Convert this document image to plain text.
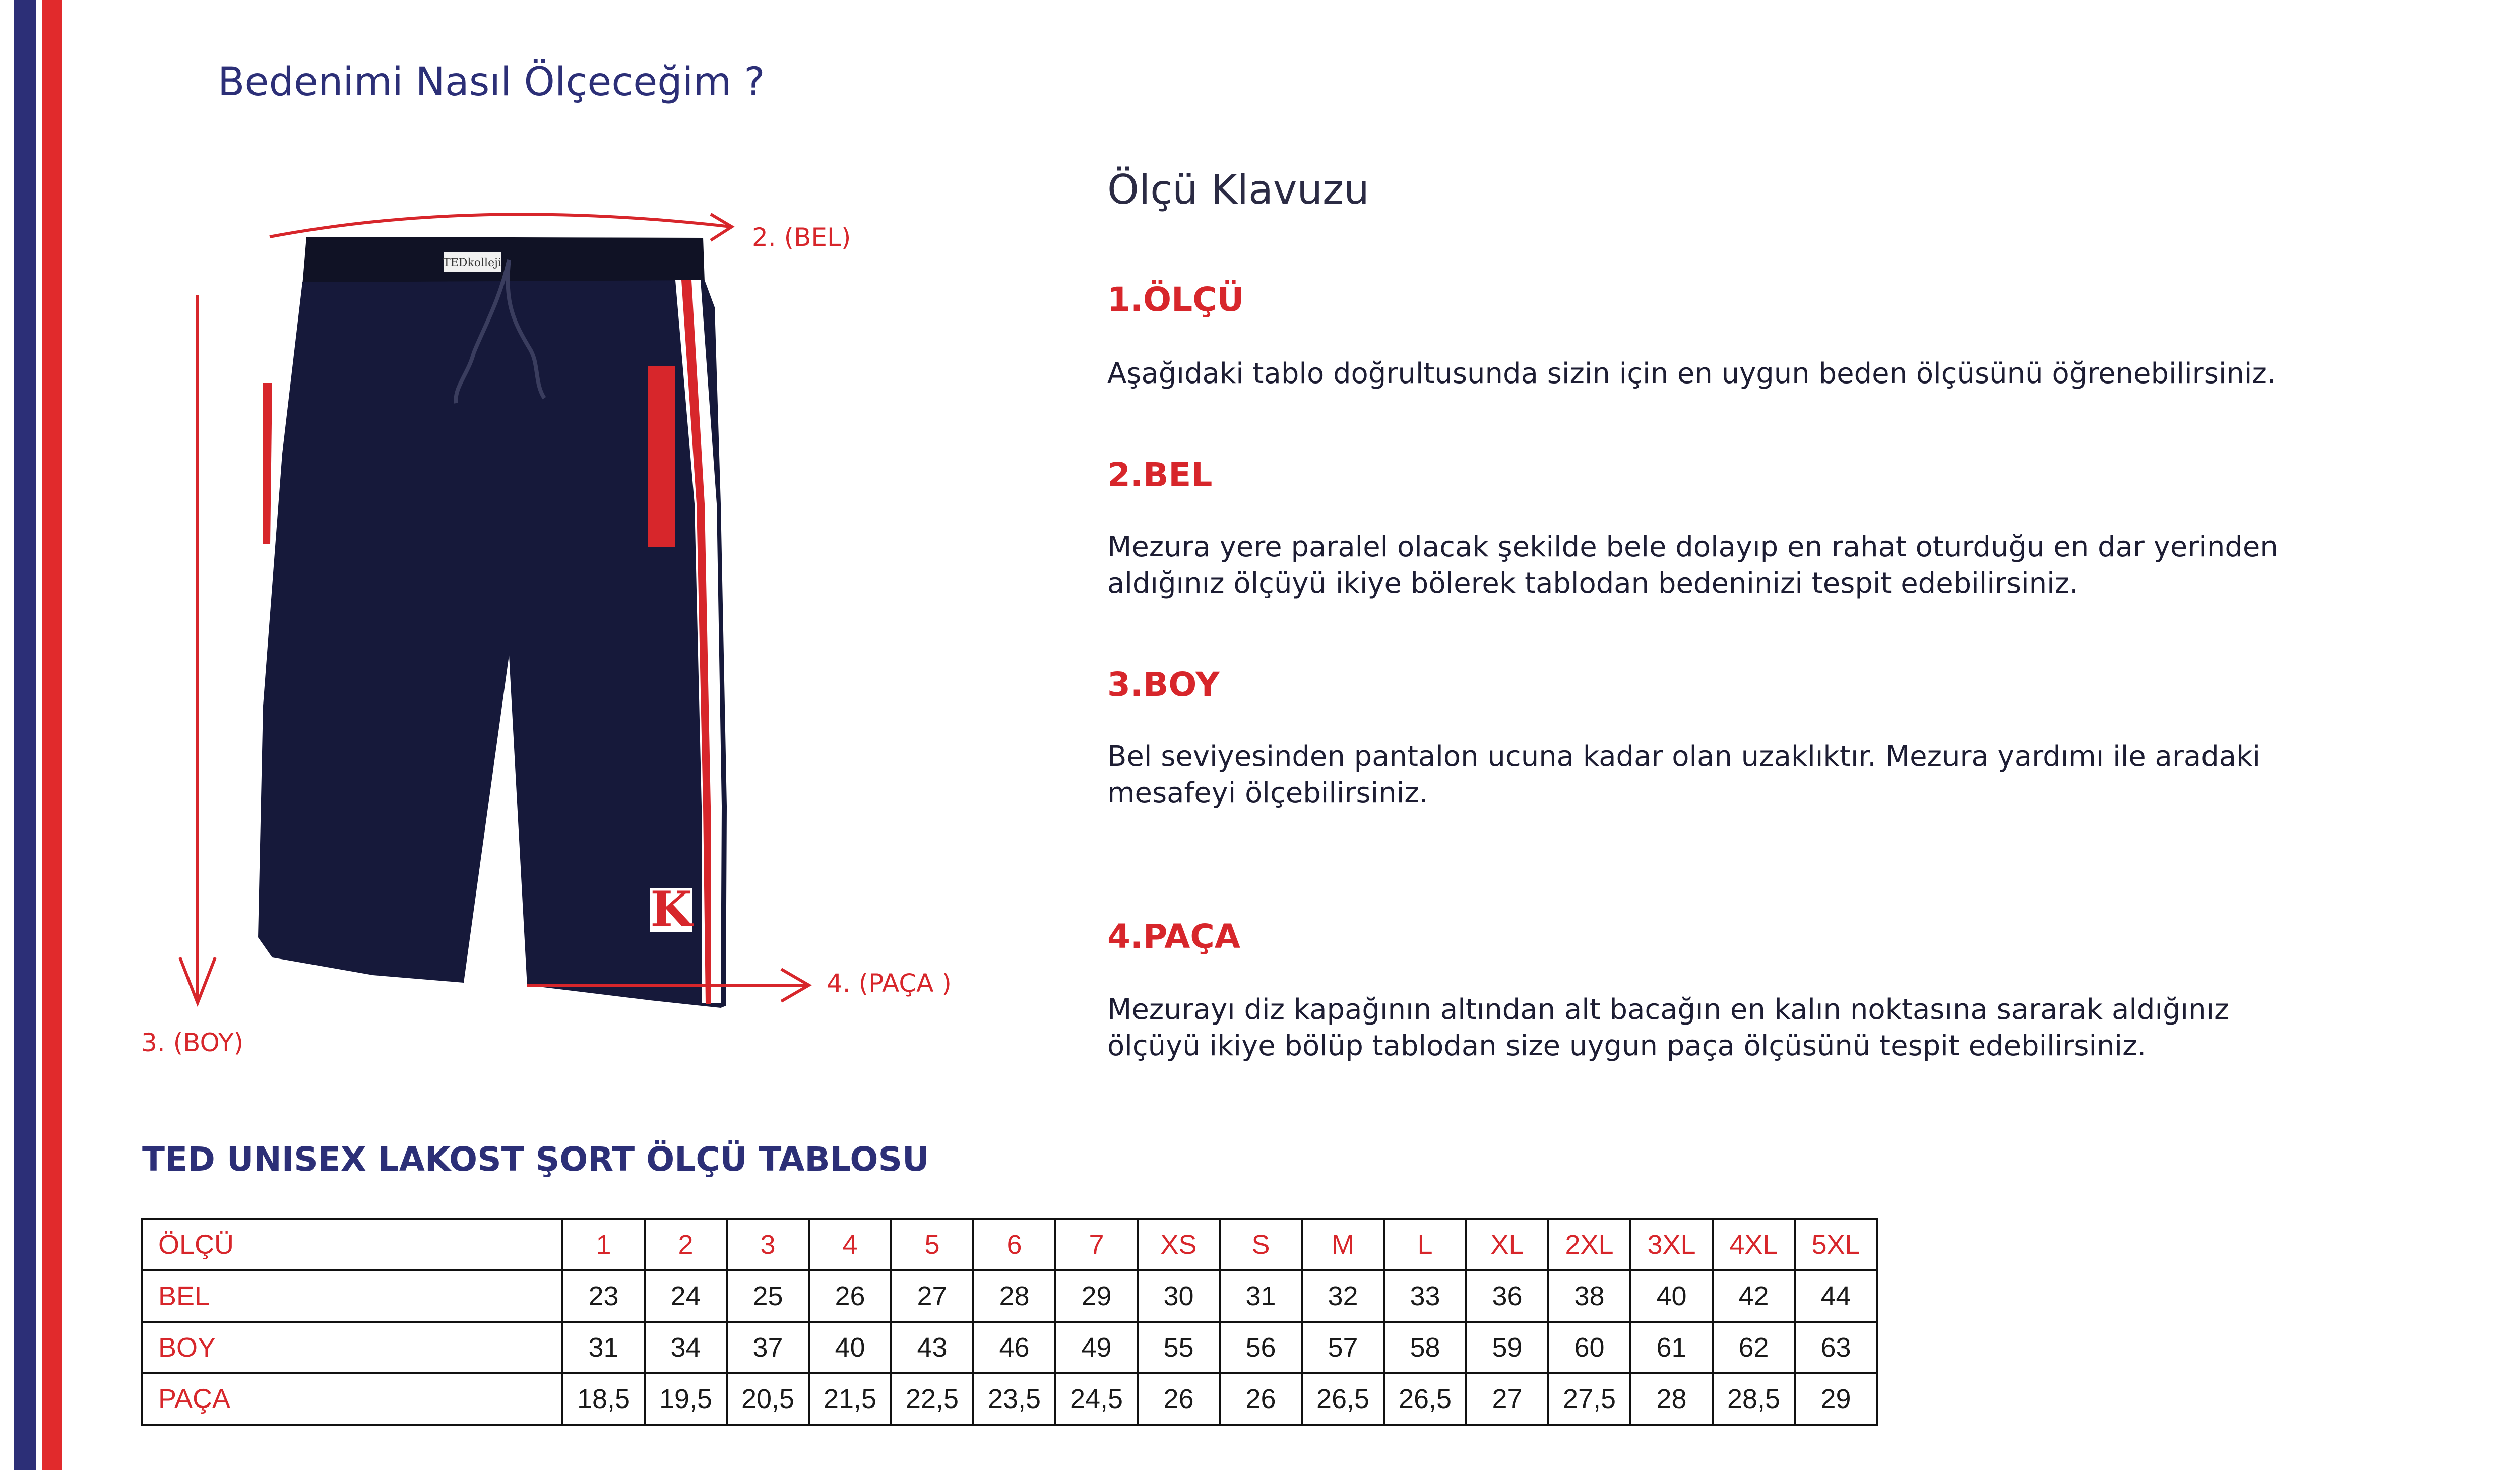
Bedenimi Nasıl Ölçeceğim ?
TEDkolleji
K
2. (BEL)
3. (BOY)
4. (PAÇA )
Ölçü Klavuzu
1.ÖLÇÜ
Aşağıdaki tablo doğrultusunda sizin için en uygun beden ölçüsünü öğrenebilirsiniz.
2.BEL
Mezura yere paralel olacak şekilde bele dolayıp en rahat oturduğu en dar yerinden
aldığınız ölçüyü ikiye bölerek tablodan bedeninizi tespit edebilirsiniz.
3.BOY
Bel seviyesinden pantalon ucuna kadar olan uzaklıktır. Mezura yardımı ile aradaki
mesafeyi ölçebilirsiniz.
4.PAÇA
Mezurayı diz kapağının altından alt bacağın en kalın noktasına sararak aldığınız
ölçüyü ikiye bölüp tablodan size uygun paça ölçüsünü tespit edebilirsiniz.
TED UNISEX LAKOST ŞORT ÖLÇÜ TABLOSU
ÖLÇÜ	1	2	3	4	5	6	7	XS	S	M	L	XL	2XL	3XL	4XL	5XL
BEL	23	24	25	26	27	28	29	30	31	32	33	36	38	40	42	44
BOY	31	34	37	40	43	46	49	55	56	57	58	59	60	61	62	63
PAÇA	18,5	19,5	20,5	21,5	22,5	23,5	24,5	26	26	26,5	26,5	27	27,5	28	28,5	29
